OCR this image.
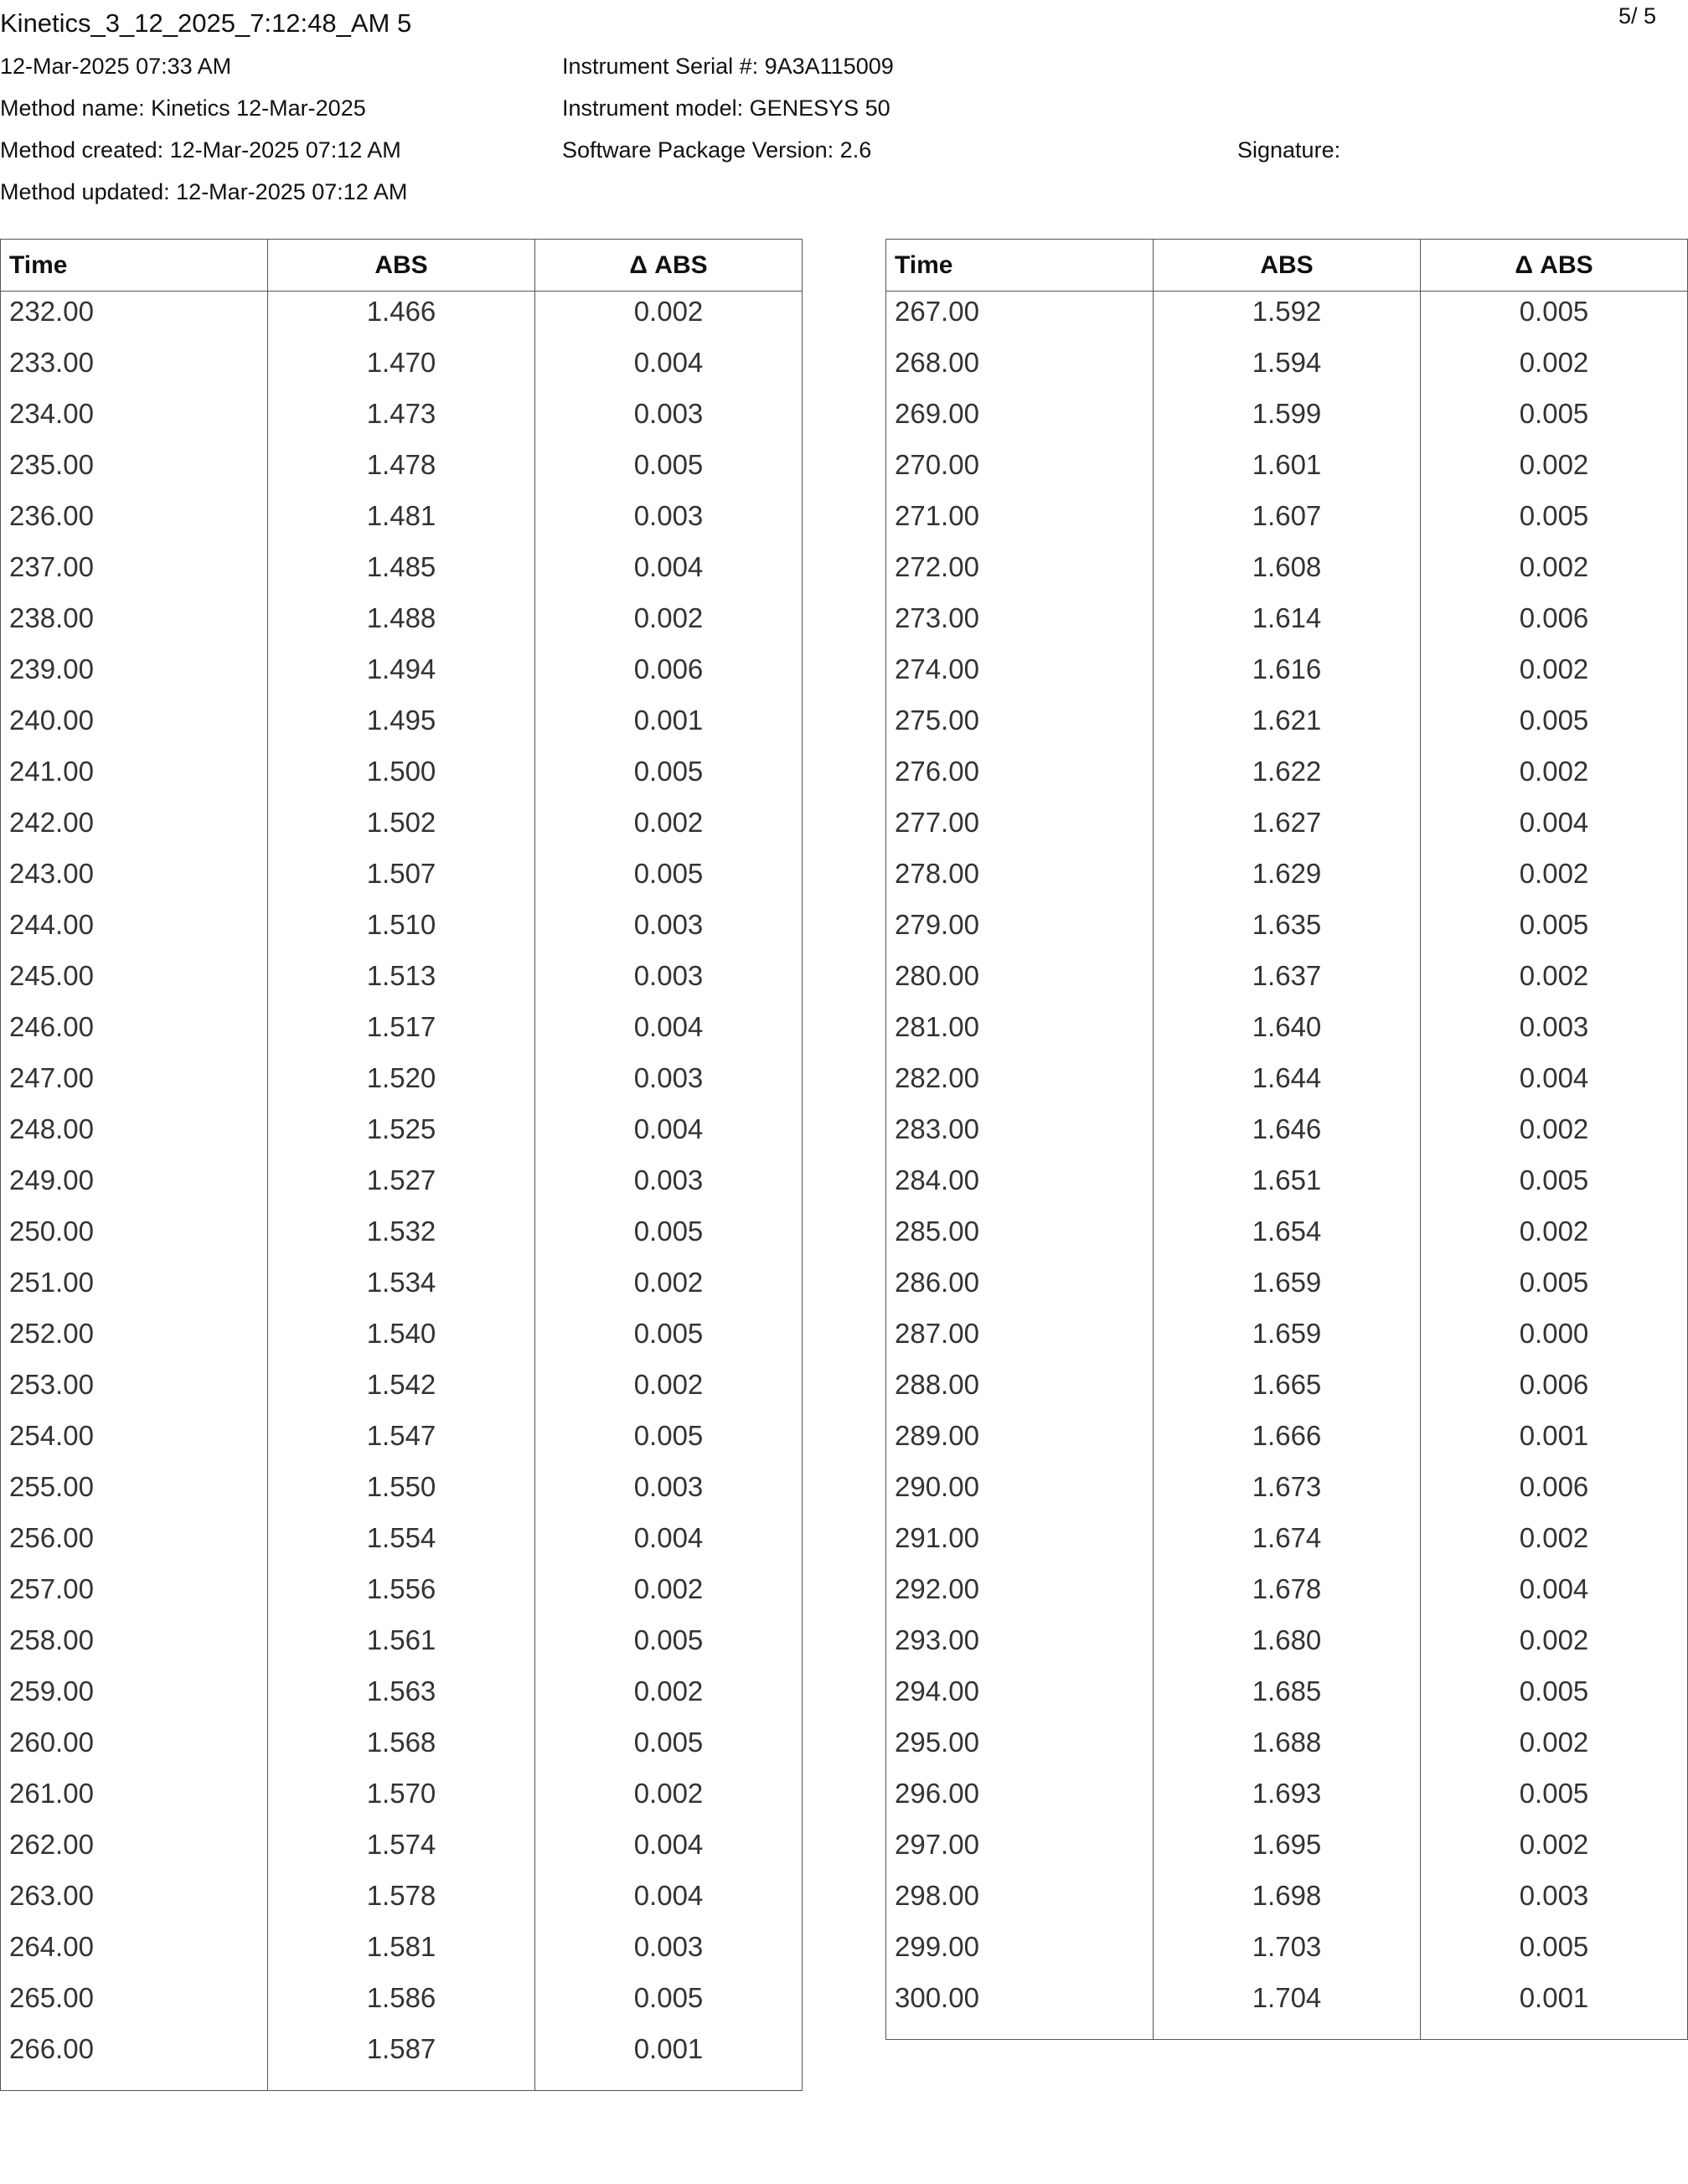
Kinetics_3_12_2025_7:12:48_AM 5	5/ 5
12-Mar-2025 07:33 AM
Method name: Kinetics 12-Mar-2025
Method created: 12-Mar-2025 07:12 AM
Method updated: 12-Mar-2025 07:12 AM
Instrument Serial #: 9A3A115009
Instrument model: GENESYS 50
Software Package Version: 2.6	Signature:
Time	ABS	Δ ABS
232.00	1.466	0.002
233.00	1.470	0.004
234.00	1.473	0.003
235.00	1.478	0.005
236.00	1.481	0.003
237.00	1.485	0.004
238.00	1.488	0.002
239.00	1.494	0.006
240.00	1.495	0.001
241.00	1.500	0.005
242.00	1.502	0.002
243.00	1.507	0.005
244.00	1.510	0.003
245.00	1.513	0.003
246.00	1.517	0.004
247.00	1.520	0.003
248.00	1.525	0.004
249.00	1.527	0.003
250.00	1.532	0.005
251.00	1.534	0.002
252.00	1.540	0.005
253.00	1.542	0.002
254.00	1.547	0.005
255.00	1.550	0.003
256.00	1.554	0.004
257.00	1.556	0.002
258.00	1.561	0.005
259.00	1.563	0.002
260.00	1.568	0.005
261.00	1.570	0.002
262.00	1.574	0.004
263.00	1.578	0.004
264.00	1.581	0.003
265.00	1.586	0.005
266.00	1.587	0.001
Time	ABS	Δ ABS
267.00	1.592	0.005
268.00	1.594	0.002
269.00	1.599	0.005
270.00	1.601	0.002
271.00	1.607	0.005
272.00	1.608	0.002
273.00	1.614	0.006
274.00	1.616	0.002
275.00	1.621	0.005
276.00	1.622	0.002
277.00	1.627	0.004
278.00	1.629	0.002
279.00	1.635	0.005
280.00	1.637	0.002
281.00	1.640	0.003
282.00	1.644	0.004
283.00	1.646	0.002
284.00	1.651	0.005
285.00	1.654	0.002
286.00	1.659	0.005
287.00	1.659	0.000
288.00	1.665	0.006
289.00	1.666	0.001
290.00	1.673	0.006
291.00	1.674	0.002
292.00	1.678	0.004
293.00	1.680	0.002
294.00	1.685	0.005
295.00	1.688	0.002
296.00	1.693	0.005
297.00	1.695	0.002
298.00	1.698	0.003
299.00	1.703	0.005
300.00	1.704	0.001
